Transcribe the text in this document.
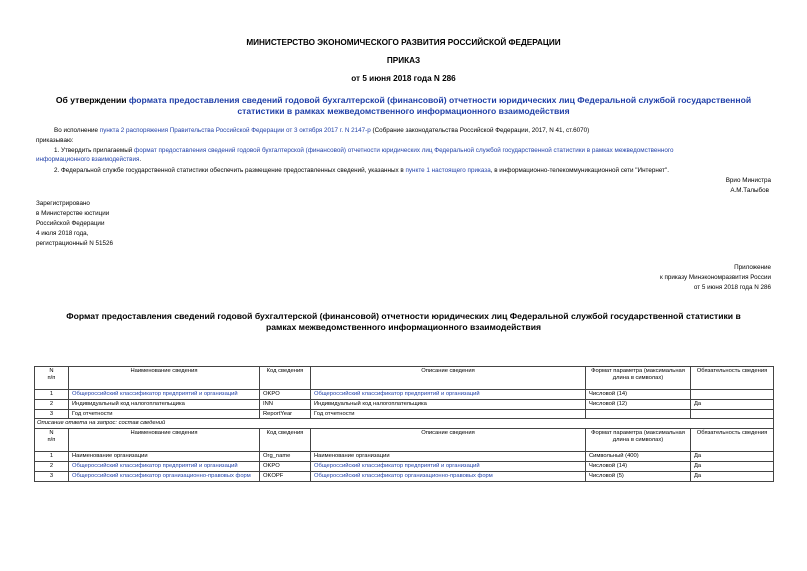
МИНИСТЕРСТВО ЭКОНОМИЧЕСКОГО РАЗВИТИЯ РОССИЙСКОЙ ФЕДЕРАЦИИ
ПРИКАЗ
от 5 июня 2018 года N 286
Об утверждении формата предоставления сведений годовой бухгалтерской (финансовой) отчетности юридических лиц Федеральной службой государственной
статистики в рамках межведомственного информационного взаимодействия
Во исполнение пункта 2 распоряжения Правительства Российской Федерации от 3 октября 2017 г. N 2147-р (Собрание законодательства Российской Федерации, 2017, N 41, ст.6070)
приказываю:
1. Утвердить прилагаемый формат предоставления сведений годовой бухгалтерской (финансовой) отчетности юридических лиц Федеральной службой государственной статистики в рамках межведомственного
информационного взаимодействия.
2. Федеральной службе государственной статистики обеспечить размещение предоставленных сведений, указанных в пункте 1 настоящего приказа, в информационно-телекоммуникационной сети "Интернет".
Врио Министра
А.М.Талыбов
Зарегистрировано
в Министерстве юстиции
Российской Федерации
4 июля 2018 года,
регистрационный N 51526
Приложение
к приказу Минэкономразвития России
от 5 июня 2018 года N 286
Формат предоставления сведений годовой бухгалтерской (финансовой) отчетности юридических лиц Федеральной службой государственной статистики в
рамках межведомственного информационного взаимодействия
N
п/п	Наименование сведения	Код сведения	Описание сведения	Формат параметра (максимальная длина в символах)	Обязательность сведения
1	Общероссийский классификатор предприятий и организаций	OKPO	Общероссийский классификатор предприятий и организаций	Числовой (14)	
2	Индивидуальный код налогоплательщика	INN	Индивидуальный код налогоплательщика	Числовой (12)	Да
3	Год отчетности	ReportYear	Год отчетности		
Описание ответа на запрос: состав сведений					
N
п/п	Наименование сведения	Код сведения	Описание сведения	Формат параметра (максимальная длина в символах)	Обязательность сведения
1	Наименование организации	Org_name	Наименование организации	Символьный (400)	Да
2	Общероссийский классификатор предприятий и организаций	OKPO	Общероссийский классификатор предприятий и организаций	Числовой (14)	Да
3	Общероссийский классификатор организационно-правовых форм	OKOPF	Общероссийский классификатор организационно-правовых форм	Числовой (5)	Да
